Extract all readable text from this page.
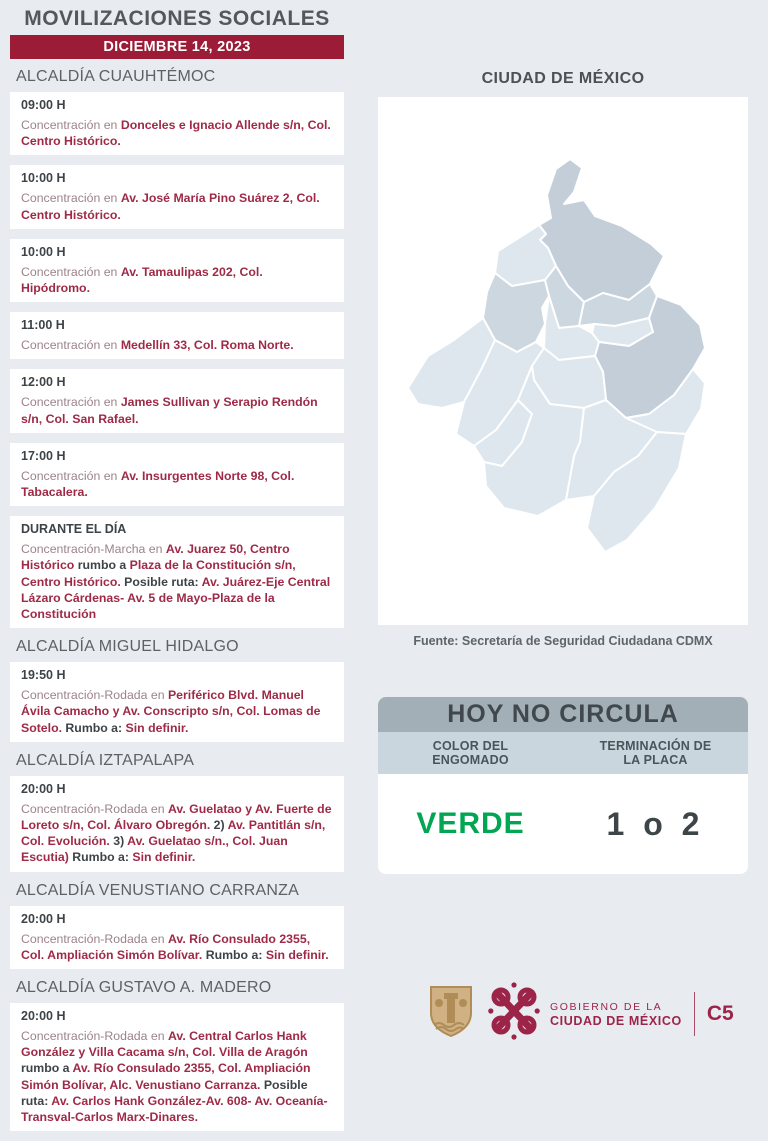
MOVILIZACIONES SOCIALES
DICIEMBRE 14, 2023
ALCALDÍA CUAUHTÉMOC
09:00 H
Concentración en Donceles e Ignacio Allende s/n, Col. Centro Histórico.
10:00 H
Concentración en Av. José María Pino Suárez 2, Col. Centro Histórico.
10:00 H
Concentración en Av. Tamaulipas 202, Col. Hipódromo.
11:00 H
Concentración en Medellín 33, Col. Roma Norte.
12:00 H
Concentración en James Sullivan y Serapio Rendón s/n, Col. San Rafael.
17:00 H
Concentración en Av. Insurgentes Norte 98, Col. Tabacalera.
DURANTE EL DÍA
Concentración-Marcha en Av. Juarez 50, Centro Histórico rumbo a Plaza de la Constitución s/n, Centro Histórico. Posible ruta: Av. Juárez-Eje Central Lázaro Cárdenas- Av. 5 de Mayo-Plaza de la Constitución
ALCALDÍA MIGUEL HIDALGO
19:50 H
Concentración-Rodada en Periférico Blvd. Manuel Ávila Camacho y Av. Conscripto s/n, Col. Lomas de Sotelo. Rumbo a: Sin definir.
ALCALDÍA IZTAPALAPA
20:00 H
Concentración-Rodada en Av. Guelatao y Av. Fuerte de Loreto s/n, Col. Álvaro Obregón. 2) Av. Pantitlán s/n, Col. Evolución. 3) Av. Guelatao s/n., Col. Juan Escutia) Rumbo a: Sin definir.
ALCALDÍA VENUSTIANO CARRANZA
20:00 H
Concentración-Rodada en Av. Río Consulado 2355, Col. Ampliación Simón Bolívar. Rumbo a: Sin definir.
ALCALDÍA GUSTAVO A. MADERO
20:00 H
Concentración-Rodada en Av. Central Carlos Hank González y Villa Cacama s/n, Col. Villa de Aragón rumbo a Av. Río Consulado 2355, Col. Ampliación Simón Bolívar, Alc. Venustiano Carranza. Posible ruta: Av. Carlos Hank González-Av. 608- Av. Oceanía-Transval-Carlos Marx-Dinares.
CIUDAD DE MÉXICO
Fuente: Secretaría de Seguridad Ciudadana CDMX
HOY NO CIRCULA
COLOR DEL ENGOMADO
TERMINACIÓN DE LA PLACA
VERDE	1 o 2
GOBIERNO DE LA
CIUDAD DE MÉXICO C5
